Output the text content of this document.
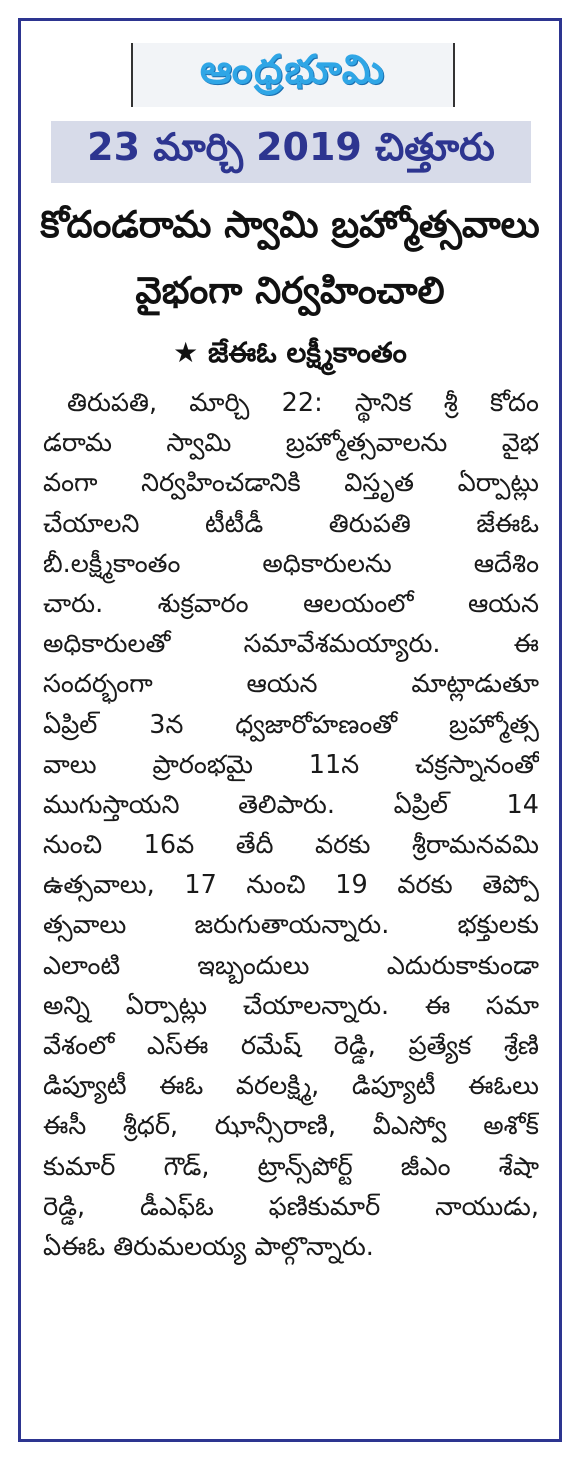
ఆంధ్రభూమి
23 మార్చి 2019 చిత్తూరు
కోదండరామ స్వామి బ్రహ్మోత్సవాలు
వైభంగా నిర్వహించాలి
★ జేఈఓ లక్ష్మీకాంతం
తిరుపతి, మార్చి 22: స్థానిక శ్రీ కోదం
డరామ స్వామి బ్రహ్మోత్సవాలను వైభ
వంగా నిర్వహించడానికి విస్తృత ఏర్పాట్లు
చేయాలని టీటీడీ తిరుపతి జేఈఓ
బీ.లక్ష్మీకాంతం అధికారులను ఆదేశిం
చారు. శుక్రవారం ఆలయంలో ఆయన
అధికారులతో సమావేశమయ్యారు. ఈ
సందర్భంగా ఆయన మాట్లాడుతూ
ఏప్రిల్ 3న ధ్వజారోహణంతో బ్రహ్మోత్స
వాలు ప్రారంభమై 11న చక్రస్నానంతో
ముగుస్తాయని తెలిపారు. ఏప్రిల్ 14
నుంచి 16వ తేదీ వరకు శ్రీరామనవమి
ఉత్సవాలు, 17 నుంచి 19 వరకు తెప్పో
త్సవాలు జరుగుతాయన్నారు. భక్తులకు
ఎలాంటి ఇబ్బందులు ఎదురుకాకుండా
అన్ని ఏర్పాట్లు చేయాలన్నారు. ఈ సమా
వేశంలో ఎస్ఈ రమేష్ రెడ్డి, ప్రత్యేక శ్రేణి
డిప్యూటీ ఈఓ వరలక్ష్మి, డిప్యూటీ ఈఓలు
ఈసీ శ్రీధర్, ఝాన్సీరాణి, వీఎస్వో అశోక్
కుమార్ గౌడ్, ట్రాన్స్‌పోర్ట్ జీఎం శేషా
రెడ్డి, డీఎఫ్ఓ ఫణికుమార్ నాయుడు,
ఏఈఓ తిరుమలయ్య పాల్గొన్నారు.
